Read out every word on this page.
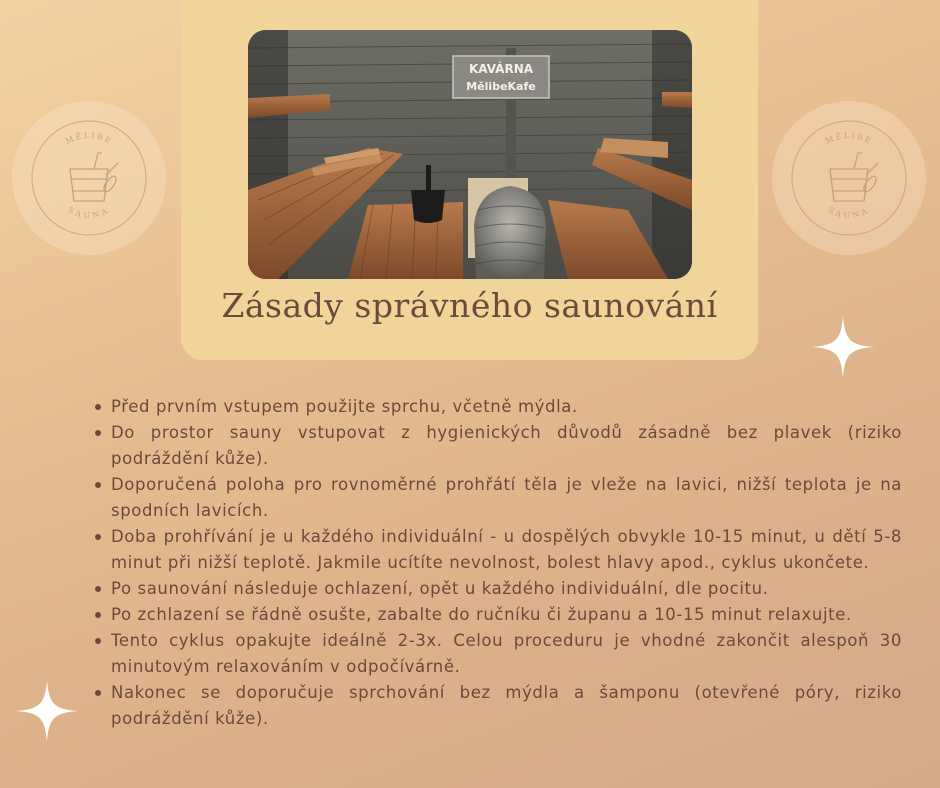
MĚLIBE
SAUNA
MĚLIBE
SAUNA
KAVÁRNA
MělibeKafe
Zásady správného saunování
Před prvním vstupem použijte sprchu, včetně mýdla.
Do prostor sauny vstupovat z hygienických důvodů zásadně bez plavek (riziko podráždění kůže).
Doporučená poloha pro rovnoměrné prohřátí těla je vleže na lavici, nižší teplota je na spodních lavicích.
Doba prohřívání je u každého individuální - u dospělých obvykle 10-15 minut, u dětí 5-8 minut při nižší teplotě. Jakmile ucítíte nevolnost, bolest hlavy apod., cyklus ukončete.
Po saunování následuje ochlazení, opět u každého individuální, dle pocitu.
Po zchlazení se řádně osušte, zabalte do ručníku či županu a 10-15 minut relaxujte.
Tento cyklus opakujte ideálně 2-3x. Celou proceduru je vhodné zakončit alespoň 30 minutovým relaxováním v odpočívárně.
Nakonec se doporučuje sprchování bez mýdla a šamponu (otevřené póry, riziko podráždění kůže).
